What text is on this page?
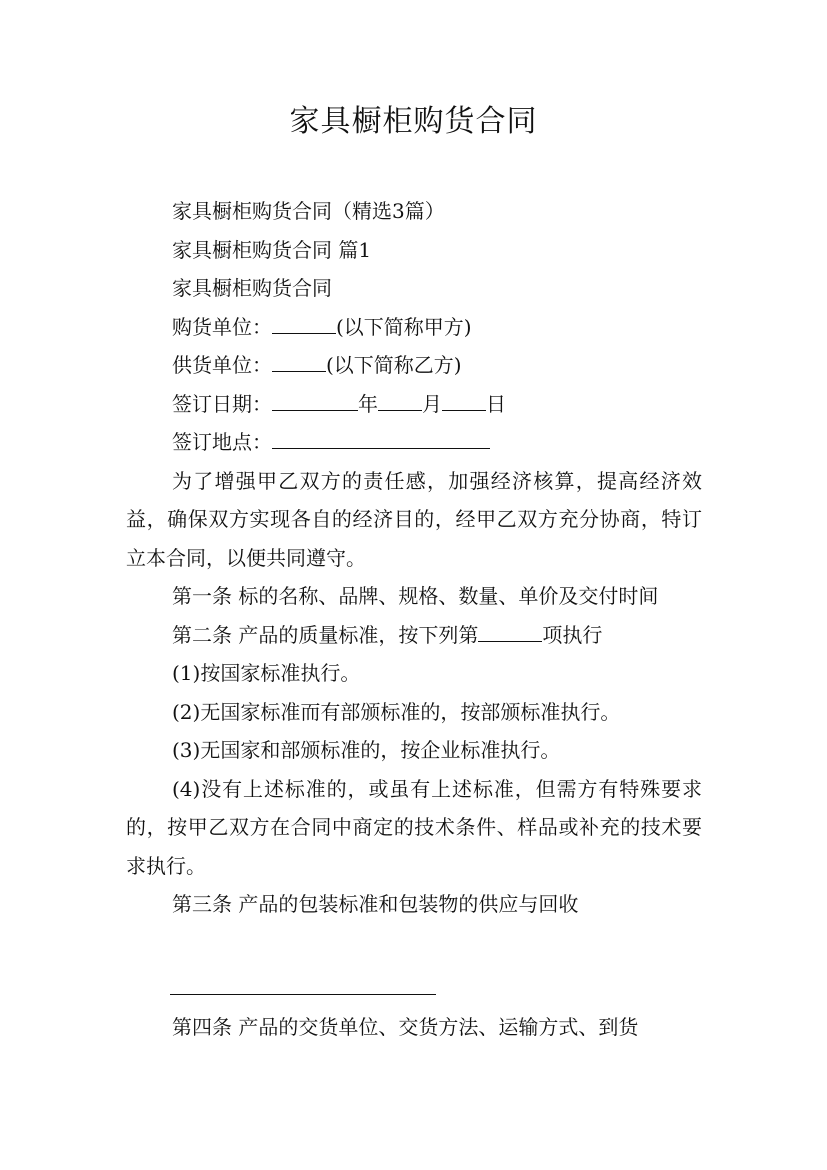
家具橱柜购货合同

家具橱柜购货合同（精选3篇）

家具橱柜购货合同 篇1

家具橱柜购货合同

购货单位：	(以下简称甲方)

供货单位：	(以下简称乙方)

签订日期：	年 月 日

签订地点：

为了增强甲乙双方的责任感，加强经济核算，提高经济效益，确保双方实现各自的经济目的，经甲乙双方充分协商，特订立本合同，以便共同遵守。

第一条 标的名称、品牌、规格、数量、单价及交付时间

第二条 产品的质量标准，按下列第	项执行

(1)按国家标准执行。

(2)无国家标准而有部颁标准的，按部颁标准执行。

(3)无国家和部颁标准的，按企业标准执行。

(4)没有上述标准的，或虽有上述标准，但需方有特殊要求的，按甲乙双方在合同中商定的技术条件、样品或补充的技术要求执行。

第三条 产品的包装标准和包装物的供应与回收

第四条 产品的交货单位、交货方法、运输方式、到货
